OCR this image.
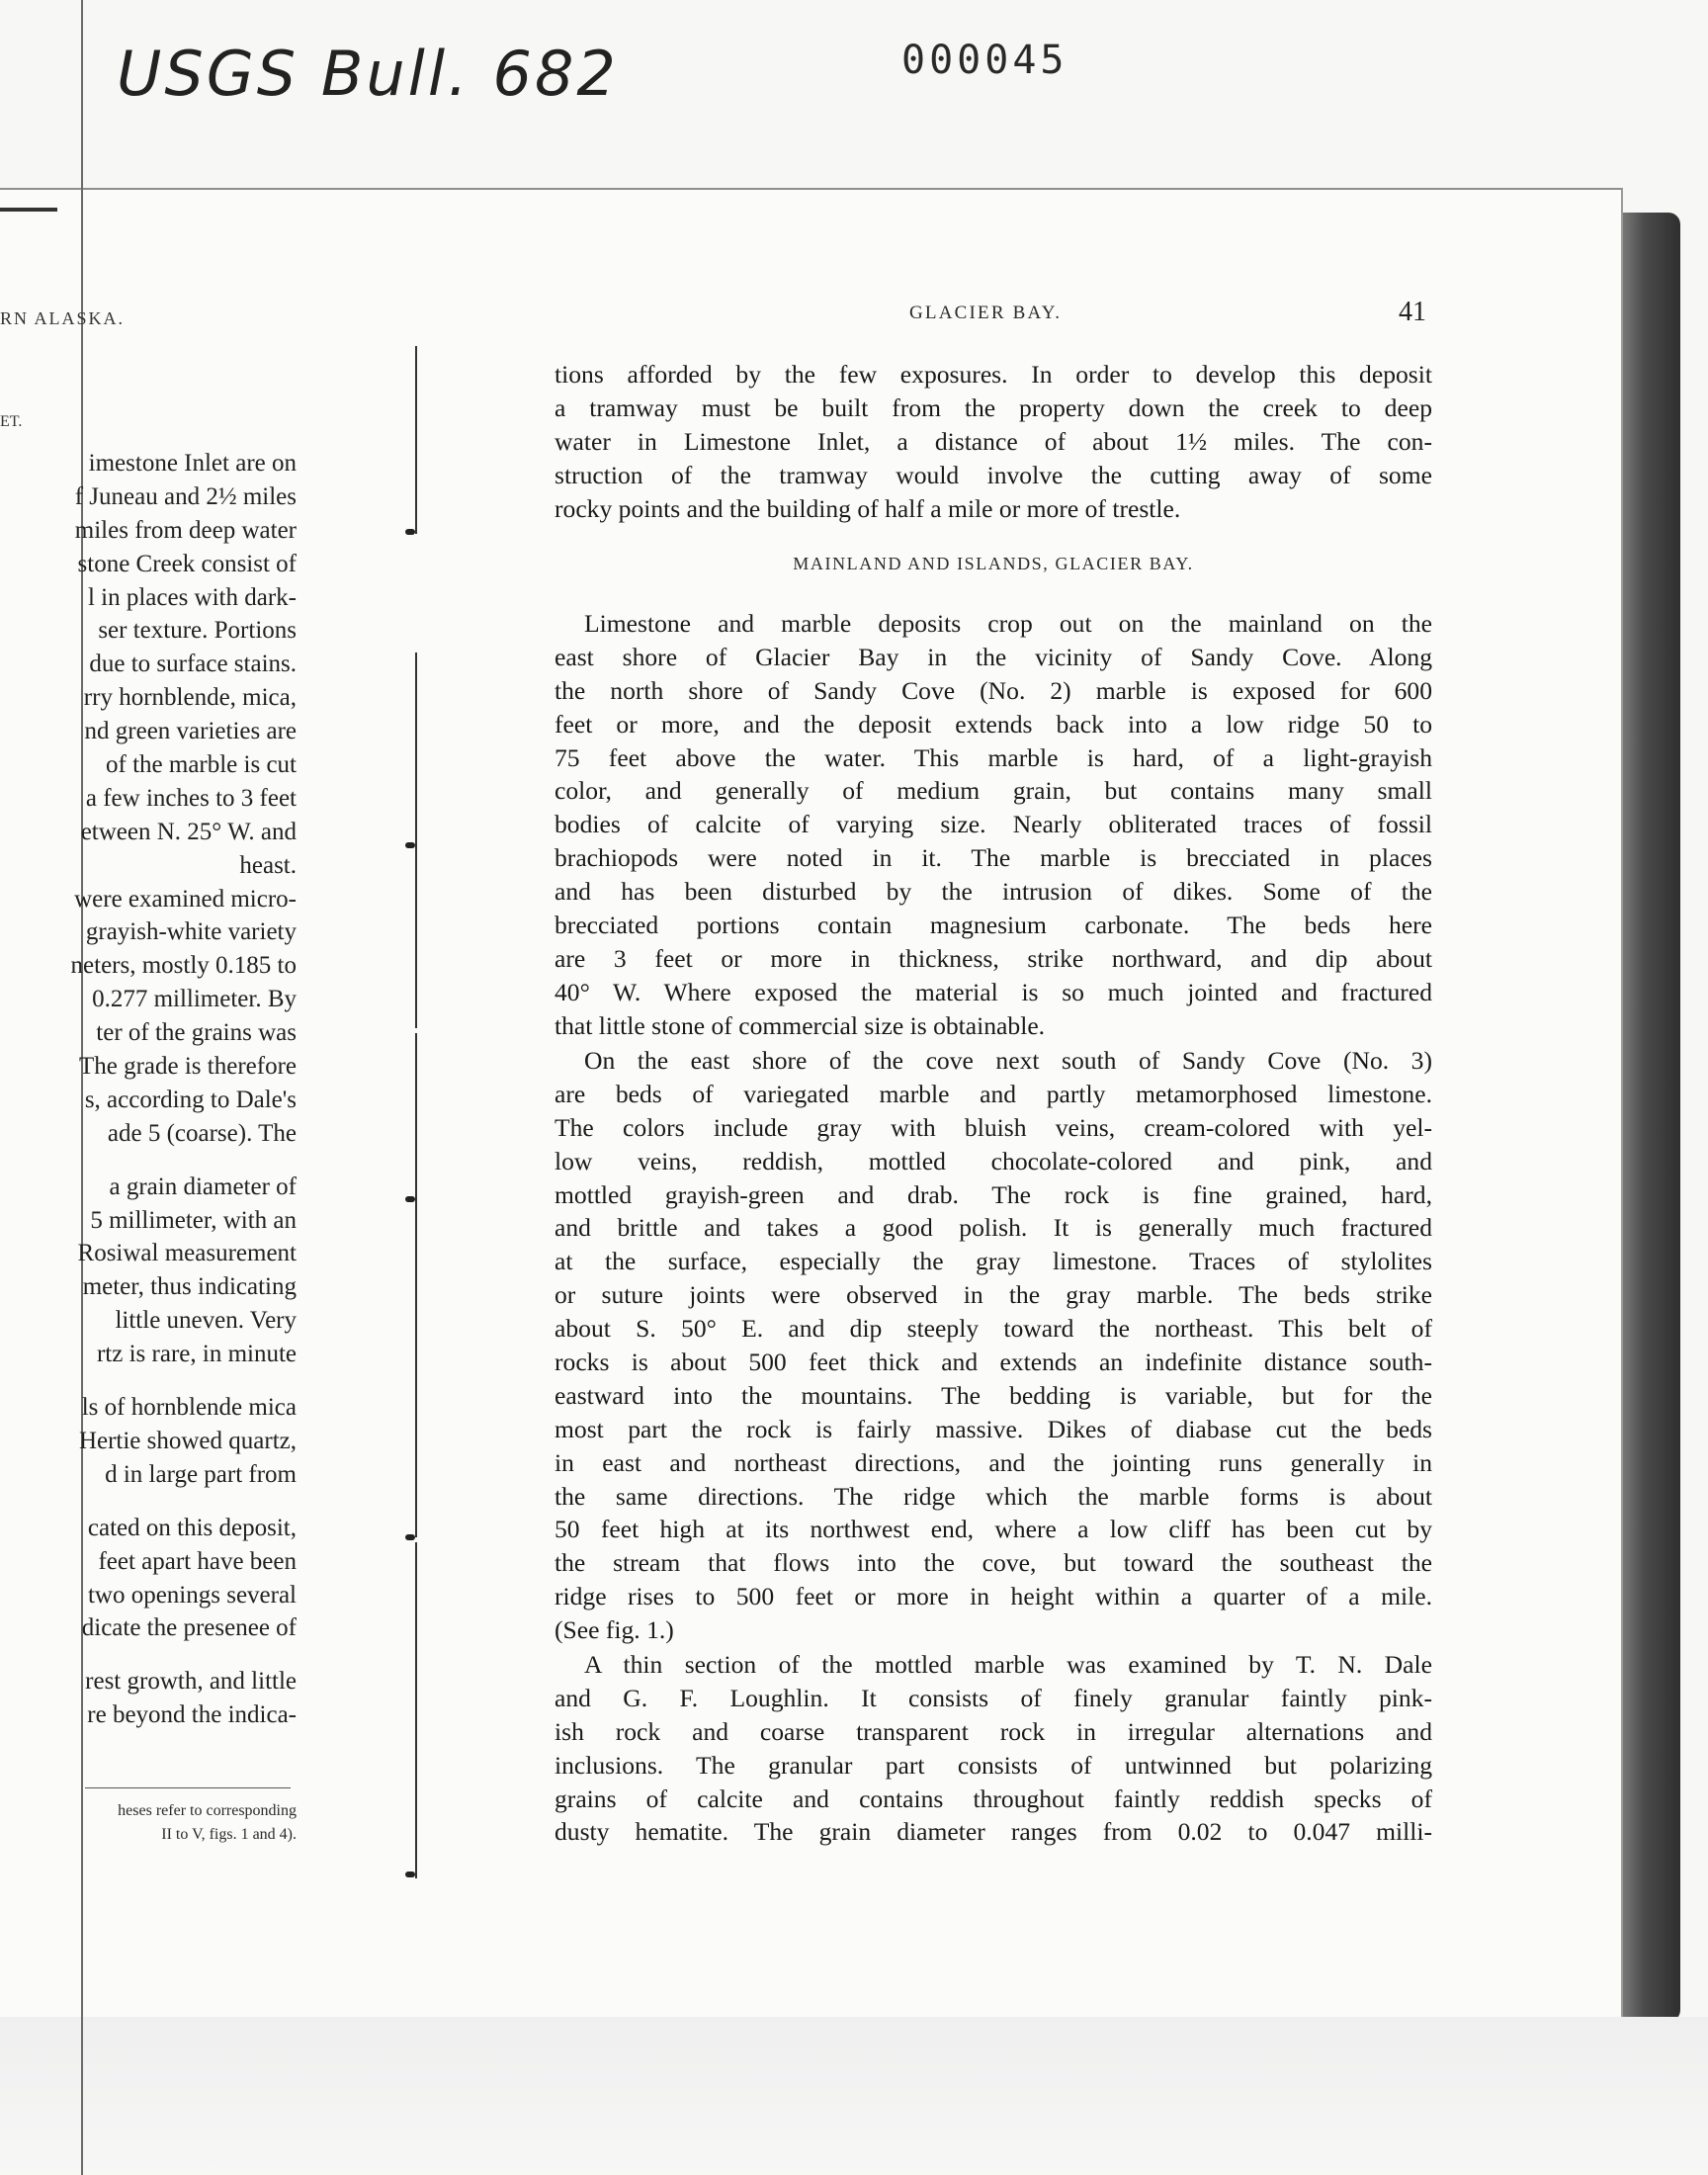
USGS Bull. 682	000045
RN ALASKA.
ET.
imestone Inlet are on
f Juneau and 2½ miles
miles from deep water
stone Creek consist of
l in places with dark-
ser texture. Portions
due to surface stains.
rry hornblende, mica,
nd green varieties are
of the marble is cut
a few inches to 3 feet
etween N. 25° W. and
heast.
were examined micro-
grayish-white variety
neters, mostly 0.185 to
0.277 millimeter. By
ter of the grains was
The grade is therefore
s, according to Dale's
ade 5 (coarse). The
a grain diameter of
5 millimeter, with an
Rosiwal measurement
meter, thus indicating
little uneven. Very
rtz is rare, in minute
ls of hornblende mica
Hertie showed quartz,
d in large part from
cated on this deposit,
feet apart have been
two openings several
dicate the presenee of
rest growth, and little
re beyond the indica-
heses refer to corresponding
II to V, figs. 1 and 4).
GLACIER BAY.	41
tions afforded by the few exposures. In order to develop this deposit
a tramway must be built from the property down the creek to deep
water in Limestone Inlet, a distance of about 1½ miles. The con-
struction of the tramway would involve the cutting away of some
rocky points and the building of half a mile or more of trestle.
MAINLAND AND ISLANDS, GLACIER BAY.
Limestone and marble deposits crop out on the mainland on the
east shore of Glacier Bay in the vicinity of Sandy Cove. Along
the north shore of Sandy Cove (No. 2) marble is exposed for 600
feet or more, and the deposit extends back into a low ridge 50 to
75 feet above the water. This marble is hard, of a light-grayish
color, and generally of medium grain, but contains many small
bodies of calcite of varying size. Nearly obliterated traces of fossil
brachiopods were noted in it. The marble is brecciated in places
and has been disturbed by the intrusion of dikes. Some of the
brecciated portions contain magnesium carbonate. The beds here
are 3 feet or more in thickness, strike northward, and dip about
40° W. Where exposed the material is so much jointed and fractured
that little stone of commercial size is obtainable.
On the east shore of the cove next south of Sandy Cove (No. 3)
are beds of variegated marble and partly metamorphosed limestone.
The colors include gray with bluish veins, cream-colored with yel-
low veins, reddish, mottled chocolate-colored and pink, and
mottled grayish-green and drab. The rock is fine grained, hard,
and brittle and takes a good polish. It is generally much fractured
at the surface, especially the gray limestone. Traces of stylolites
or suture joints were observed in the gray marble. The beds strike
about S. 50° E. and dip steeply toward the northeast. This belt of
rocks is about 500 feet thick and extends an indefinite distance south-
eastward into the mountains. The bedding is variable, but for the
most part the rock is fairly massive. Dikes of diabase cut the beds
in east and northeast directions, and the jointing runs generally in
the same directions. The ridge which the marble forms is about
50 feet high at its northwest end, where a low cliff has been cut by
the stream that flows into the cove, but toward the southeast the
ridge rises to 500 feet or more in height within a quarter of a mile.
(See fig. 1.)
A thin section of the mottled marble was examined by T. N. Dale
and G. F. Loughlin. It consists of finely granular faintly pink-
ish rock and coarse transparent rock in irregular alternations and
inclusions. The granular part consists of untwinned but polarizing
grains of calcite and contains throughout faintly reddish specks of
dusty hematite. The grain diameter ranges from 0.02 to 0.047 milli-
